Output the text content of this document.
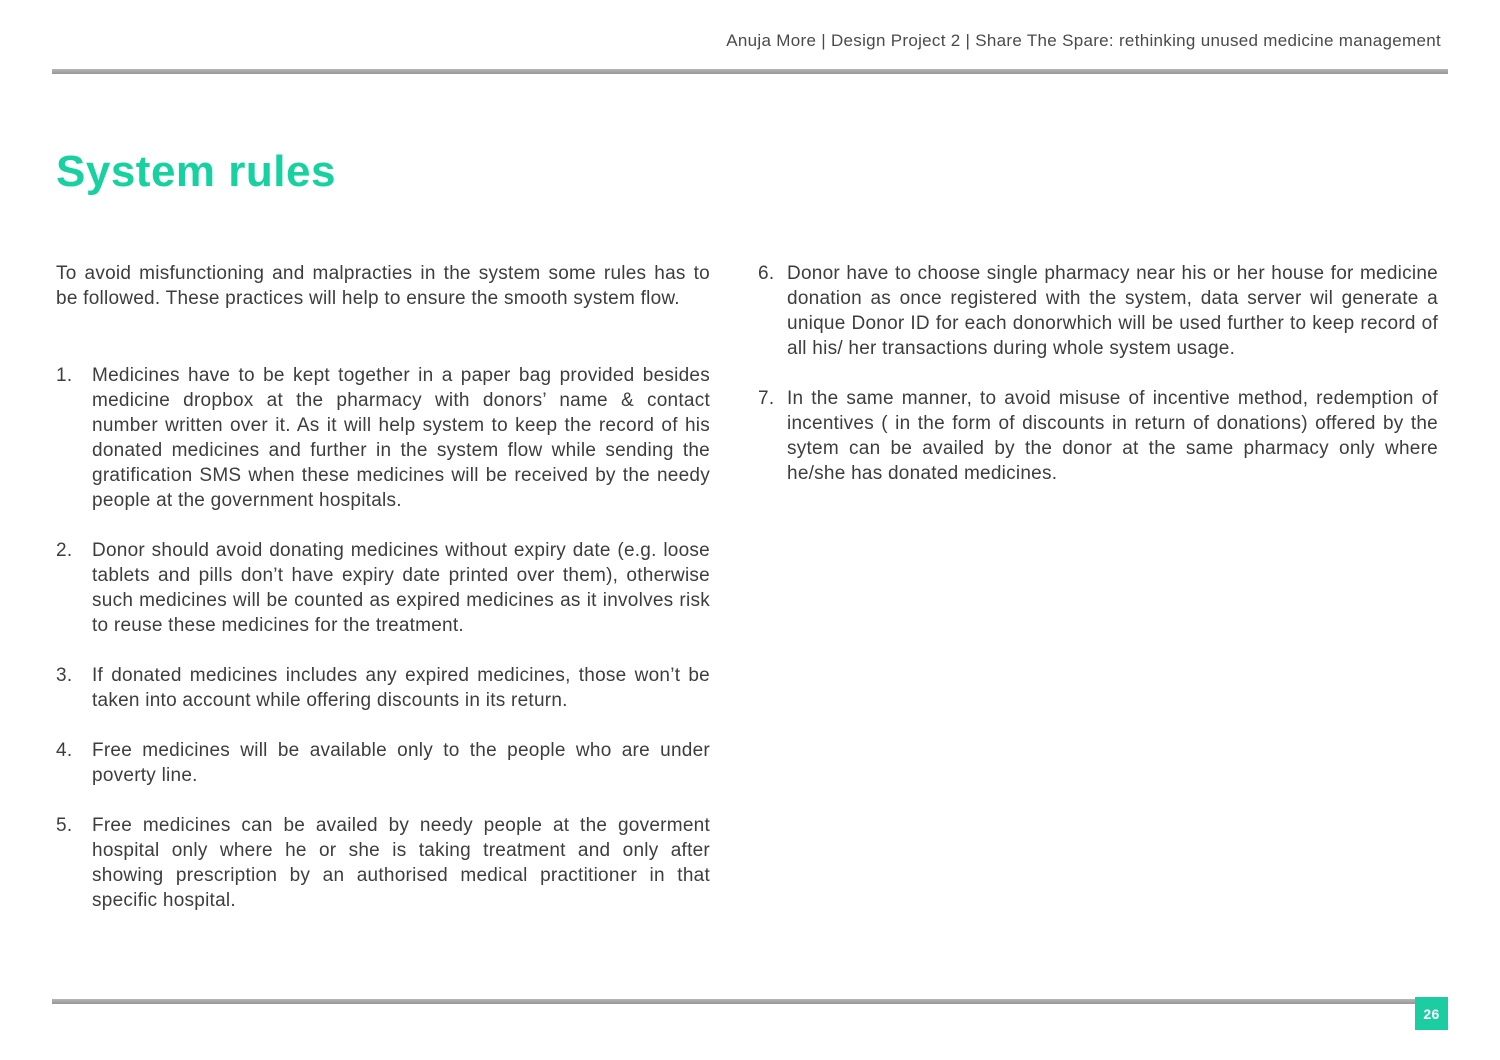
Anuja More | Design Project 2 | Share The Spare: rethinking unused medicine management
System rules

To avoid misfunctioning and malpracties in the system some rules has to be followed. These practices will help to ensure the smooth system flow.

1.	Medicines have to be kept together in a paper bag provided besides medicine dropbox at the pharmacy with donors’ name & contact number written over it. As it will help system to keep the record of his donated medicines and further in the system flow while sending the gratification SMS when these medicines will be received by the needy people at the government hospitals.
2.	Donor should avoid donating medicines without expiry date (e.g. loose tablets and pills don’t have expiry date printed over them), otherwise such medicines will be counted as expired medicines as it involves risk to reuse these medicines for the treatment.
3.	If donated medicines includes any expired medicines, those won’t be taken into account while offering discounts in its return.
4.	Free medicines will be available only to the people who are under poverty line.
5.	Free medicines can be availed by needy people at the goverment hospital only where he or she is taking treatment and only after showing prescription by an authorised medical practitioner in that specific hospital.
6. Donor have to choose single pharmacy near his or her house for medicine donation as once registered with the system, data server wil generate a unique Donor ID for each donorwhich will be used further to keep record of all his/ her transactions during whole system usage.
7. In the same manner, to avoid misuse of incentive method, redemption of incentives ( in the form of discounts in return of donations) offered by the sytem can be availed by the donor at the same pharmacy only where he/she has donated medicines.
26
